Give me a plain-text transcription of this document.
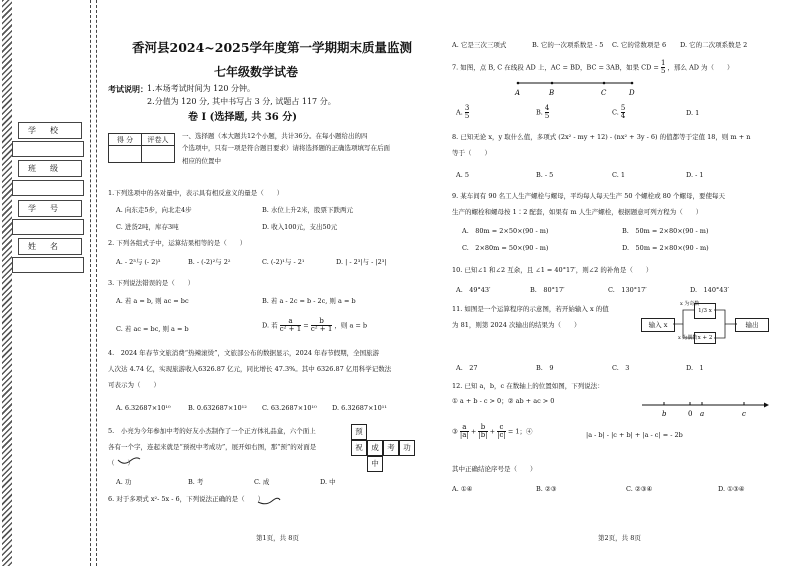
学校
班级
学号
姓名
香河县2024~2025学年度第一学期期末质量监测
七年级数学试卷
考试说明： 1.本场考试时间为 120 分钟。
2.分值为 120 分, 其中书写占 3 分, 试题占 117 分。
卷 Ⅰ (选择题, 共 36 分)
得 分	评卷人
	一、选择题（本大题共12个小题，共计36分。在每小题给出的四
个选项中，只有一项是符合题目要求）请将选择题的正确选项填写在后面
相应的位置中
1.下列选项中的各对量中，表示具有相反意义的量是（　　）
A. 向东走5步，向北走4步	B. 水位上升2米，股票下跌两元
C. 进货2吨，库存3吨	D. 收入100元，支出50元
2. 下列各组式子中，运算结果相等的是（　　）
A. - 2³与 (- 2)³	B. - (-2)²与 2²	C. (-2)¹与 - 2¹	D. | - 2³|与 - |2³|
3. 下列说法错误的是（　　）
A. 若 a = b, 则 ac = bc	B. 若 a - 2c = b - 2c, 则 a = b
C. 若 ac = bc, 则 a = b	D. 若 $\frac{a}{\text{c² + 1}} = \frac{b}{\text{c² + 1}}$ ，则 a = b
4.　2024 年春节文旅消费“热辣滚烫”，文旅部公布的数据显示，2024 年春节假期，全国旅游
人次达 4.74 亿，实现旅游收入6326.87 亿元，同比增长 47.3%。其中 6326.87 亿用科学记数法
可表示为（　　）
A. 6.32687×10¹⁰	B. 0.632687×10¹² C. 63.2687×10¹⁰ D. 6.32687×10¹¹
5.　小亮为今年参加中考的好友小杰制作了一个正方体礼品盒，六个面上
各有一个字，连起来就是“预祝中考成功”，展开如右图，那“预”的对面是
（　　）
A. 功	B. 考	C. 成	D. 中
预
祝	成	考	功
中
6. 对于多项式 x²- 5x - 6，下列说法正确的是（　　）
第1页，共 8页
A. 它是三次三项式	B. 它的一次项系数是 - 5 C. 它的常数项是 6 D. 它的二次项系数是 2
7. 如图，点 B, C 在线段 AD 上，AC = BD，BC = 3AB，如果 CD = $\frac{1}{5}$ ，那么 AD 为（　　）
A	B	C	D
A. $\frac{3}{5}$	B. $\frac{4}{5}$	C. $\frac{5}{4}$	D. 1
8. 已知无论 x，y 取什么值，多项式 (2x² - my + 12) - (nx² + 3y - 6) 的值都等于定值 18，则 m + n
等于（　　）
A. 5	B. - 5	C. 1	D. - 1
9. 某车间有 90 名工人生产螺栓与螺母，平均每人每天生产 50 个螺栓或 80 个螺母，要使每天
生产的螺栓和螺母按 1∶2 配套，如果有 m 人生产螺栓，根据题意可列方程为（　　）
A.　80m = 2×50×(90 - m)	B.　50m = 2×80×(90 - m)
C.　2×80m = 50×(90 - m)	D.　50m = 2×80×(90 - m)
10. 已知∠1 和∠2 互余，且 ∠1 = 40°17′，则∠2 的补角是（　　）
A.　49°43′	B.　80°17′	C.　130°17′	D.　140°43′
11. 如图是一个运算程序的示意图，若开始输入 x 的值
为 81，则第 2024 次输出的结果为（　　）	输入 x
1/3 x
x + 2
输出
x 为奇数
x 为偶数
A.　27	B.　9	C.　3	D.　1
12. 已知 a，b，c 在数轴上的位置如图，下列说法：
① a + b - c > 0；② ab + ac > 0
b	0 a	c
③ $\frac{a}{|a|} + \frac{b}{|b|} + \frac{c}{|c|} = 1$；④	|a - b| - |c + b| + |a - c| = - 2b
其中正确结论序号是（　　）
A. ①④	B. ②③	C. ②③④	D. ①③④
第2页，共 8页
